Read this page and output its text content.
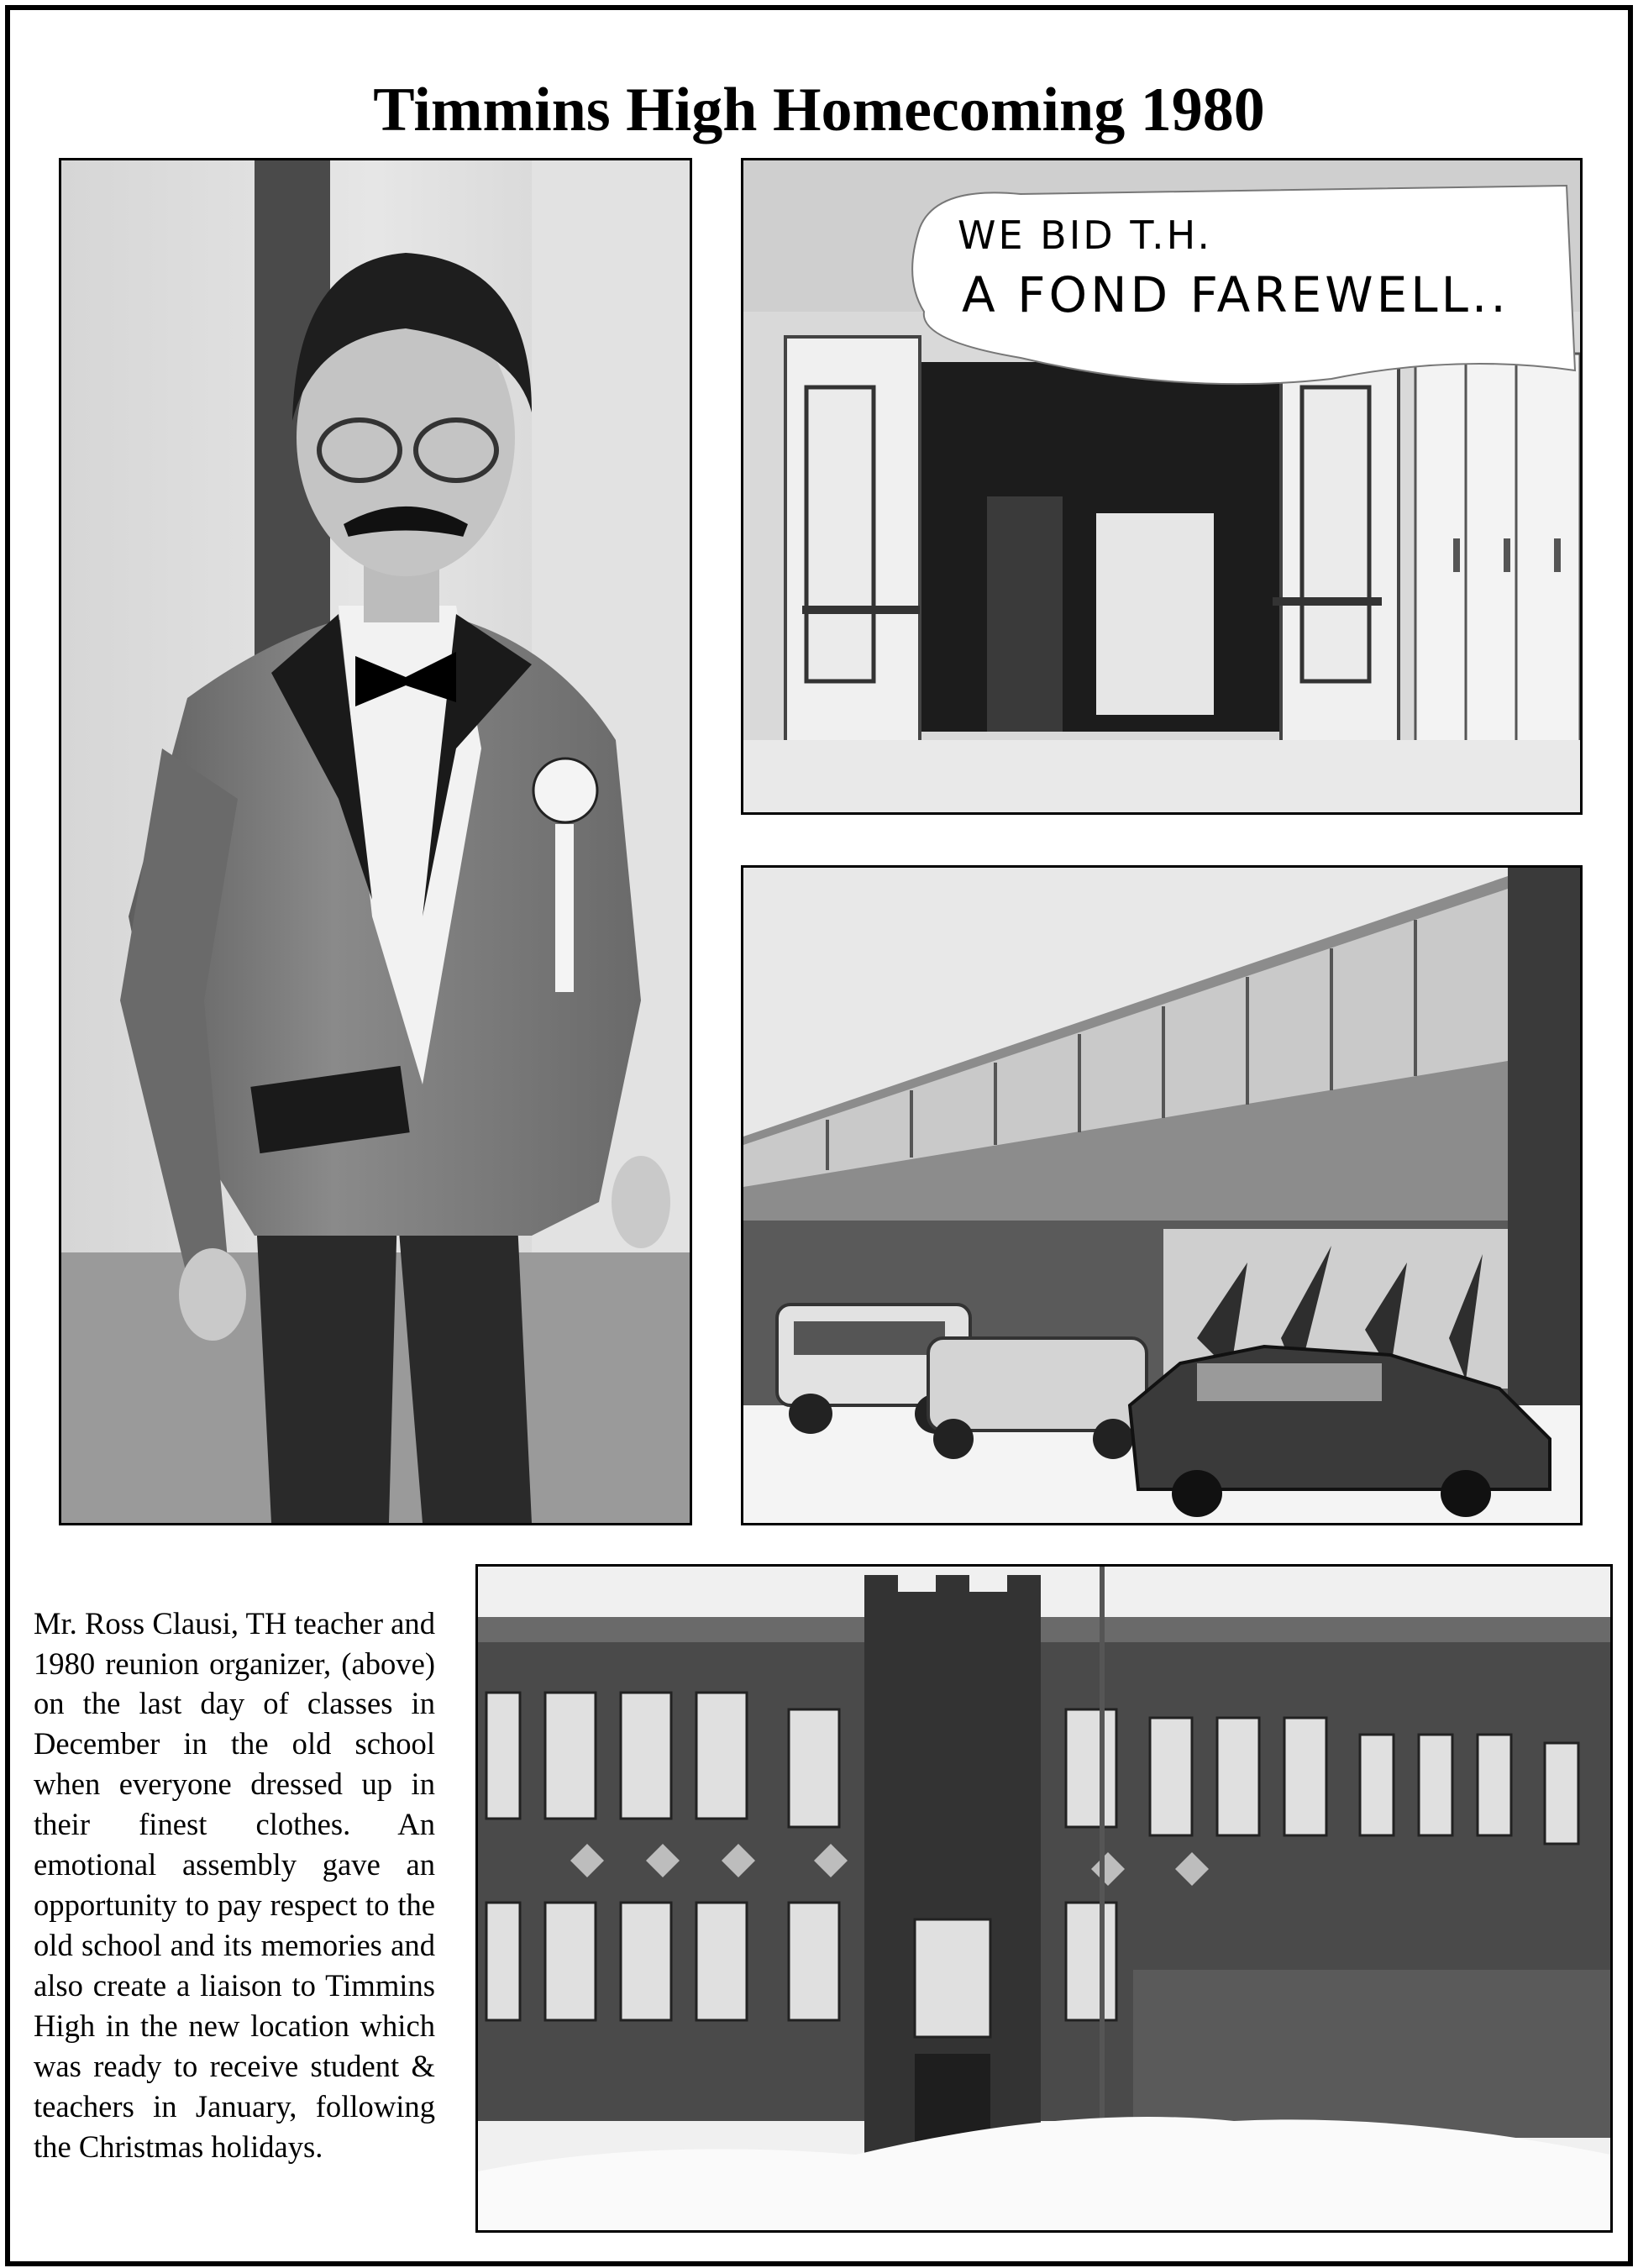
Timmins High Homecoming 1980
WE BID T.H.
A FOND FAREWELL..

Mr. Ross Clausi, TH teacher and 1980 reunion organizer, (above) on the last day of classes in December in the old school when everyone dressed up in their finest clothes. An emotional assembly gave an opportunity to pay respect to the old school and its memories and also create a liaison to Timmins High in the new location which was ready to receive student & teachers in January, following the Christmas holidays.
